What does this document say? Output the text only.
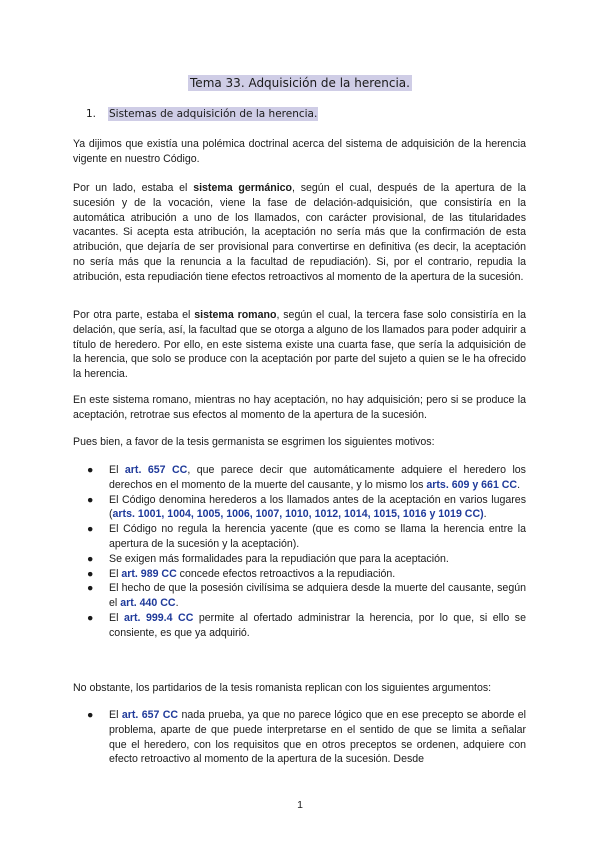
Tema 33. Adquisición de la herencia.
1. Sistemas de adquisición de la herencia.

Ya dijimos que existía una polémica doctrinal acerca del sistema de adquisición de la herencia vigente en nuestro Código.

Por un lado, estaba el sistema germánico, según el cual, después de la apertura de la sucesión y de la vocación, viene la fase de delación-adquisición, que consistiría en la automática atribución a uno de los llamados, con carácter provisional, de las titularidades vacantes. Si acepta esta atribución, la aceptación no sería más que la confirmación de esta atribución, que dejaría de ser provisional para convertirse en definitiva (es decir, la aceptación no sería más que la renuncia a la facultad de repudiación). Si, por el contrario, repudia la atribución, esta repudiación tiene efectos retroactivos al momento de la apertura de la sucesión.

Por otra parte, estaba el sistema romano, según el cual, la tercera fase solo consistiría en la delación, que sería, así, la facultad que se otorga a alguno de los llamados para poder adquirir a título de heredero. Por ello, en este sistema existe una cuarta fase, que sería la adquisición de la herencia, que solo se produce con la aceptación por parte del sujeto a quien se le ha ofrecido la herencia.

En este sistema romano, mientras no hay aceptación, no hay adquisición; pero si se produce la aceptación, retrotrae sus efectos al momento de la apertura de la sucesión.

Pues bien, a favor de la tesis germanista se esgrimen los siguientes motivos:

● El art. 657 CC, que parece decir que automáticamente adquiere el heredero los derechos en el momento de la muerte del causante, y lo mismo los arts. 609 y 661 CC.
● El Código denomina herederos a los llamados antes de la aceptación en varios lugares (arts. 1001, 1004, 1005, 1006, 1007, 1010, 1012, 1014, 1015, 1016 y 1019 CC).
● El Código no regula la herencia yacente (que es como se llama la herencia entre la apertura de la sucesión y la aceptación).
● Se exigen más formalidades para la repudiación que para la aceptación.
● El art. 989 CC concede efectos retroactivos a la repudiación.
● El hecho de que la posesión civilísima se adquiera desde la muerte del causante, según el art. 440 CC.
● El art. 999.4 CC permite al ofertado administrar la herencia, por lo que, si ello se consiente, es que ya adquirió.

No obstante, los partidarios de la tesis romanista replican con los siguientes argumentos:

● El art. 657 CC nada prueba, ya que no parece lógico que en ese precepto se aborde el problema, aparte de que puede interpretarse en el sentido de que se limita a señalar que el heredero, con los requisitos que en otros preceptos se ordenen, adquiere con efecto retroactivo al momento de la apertura de la sucesión. Desde
1
